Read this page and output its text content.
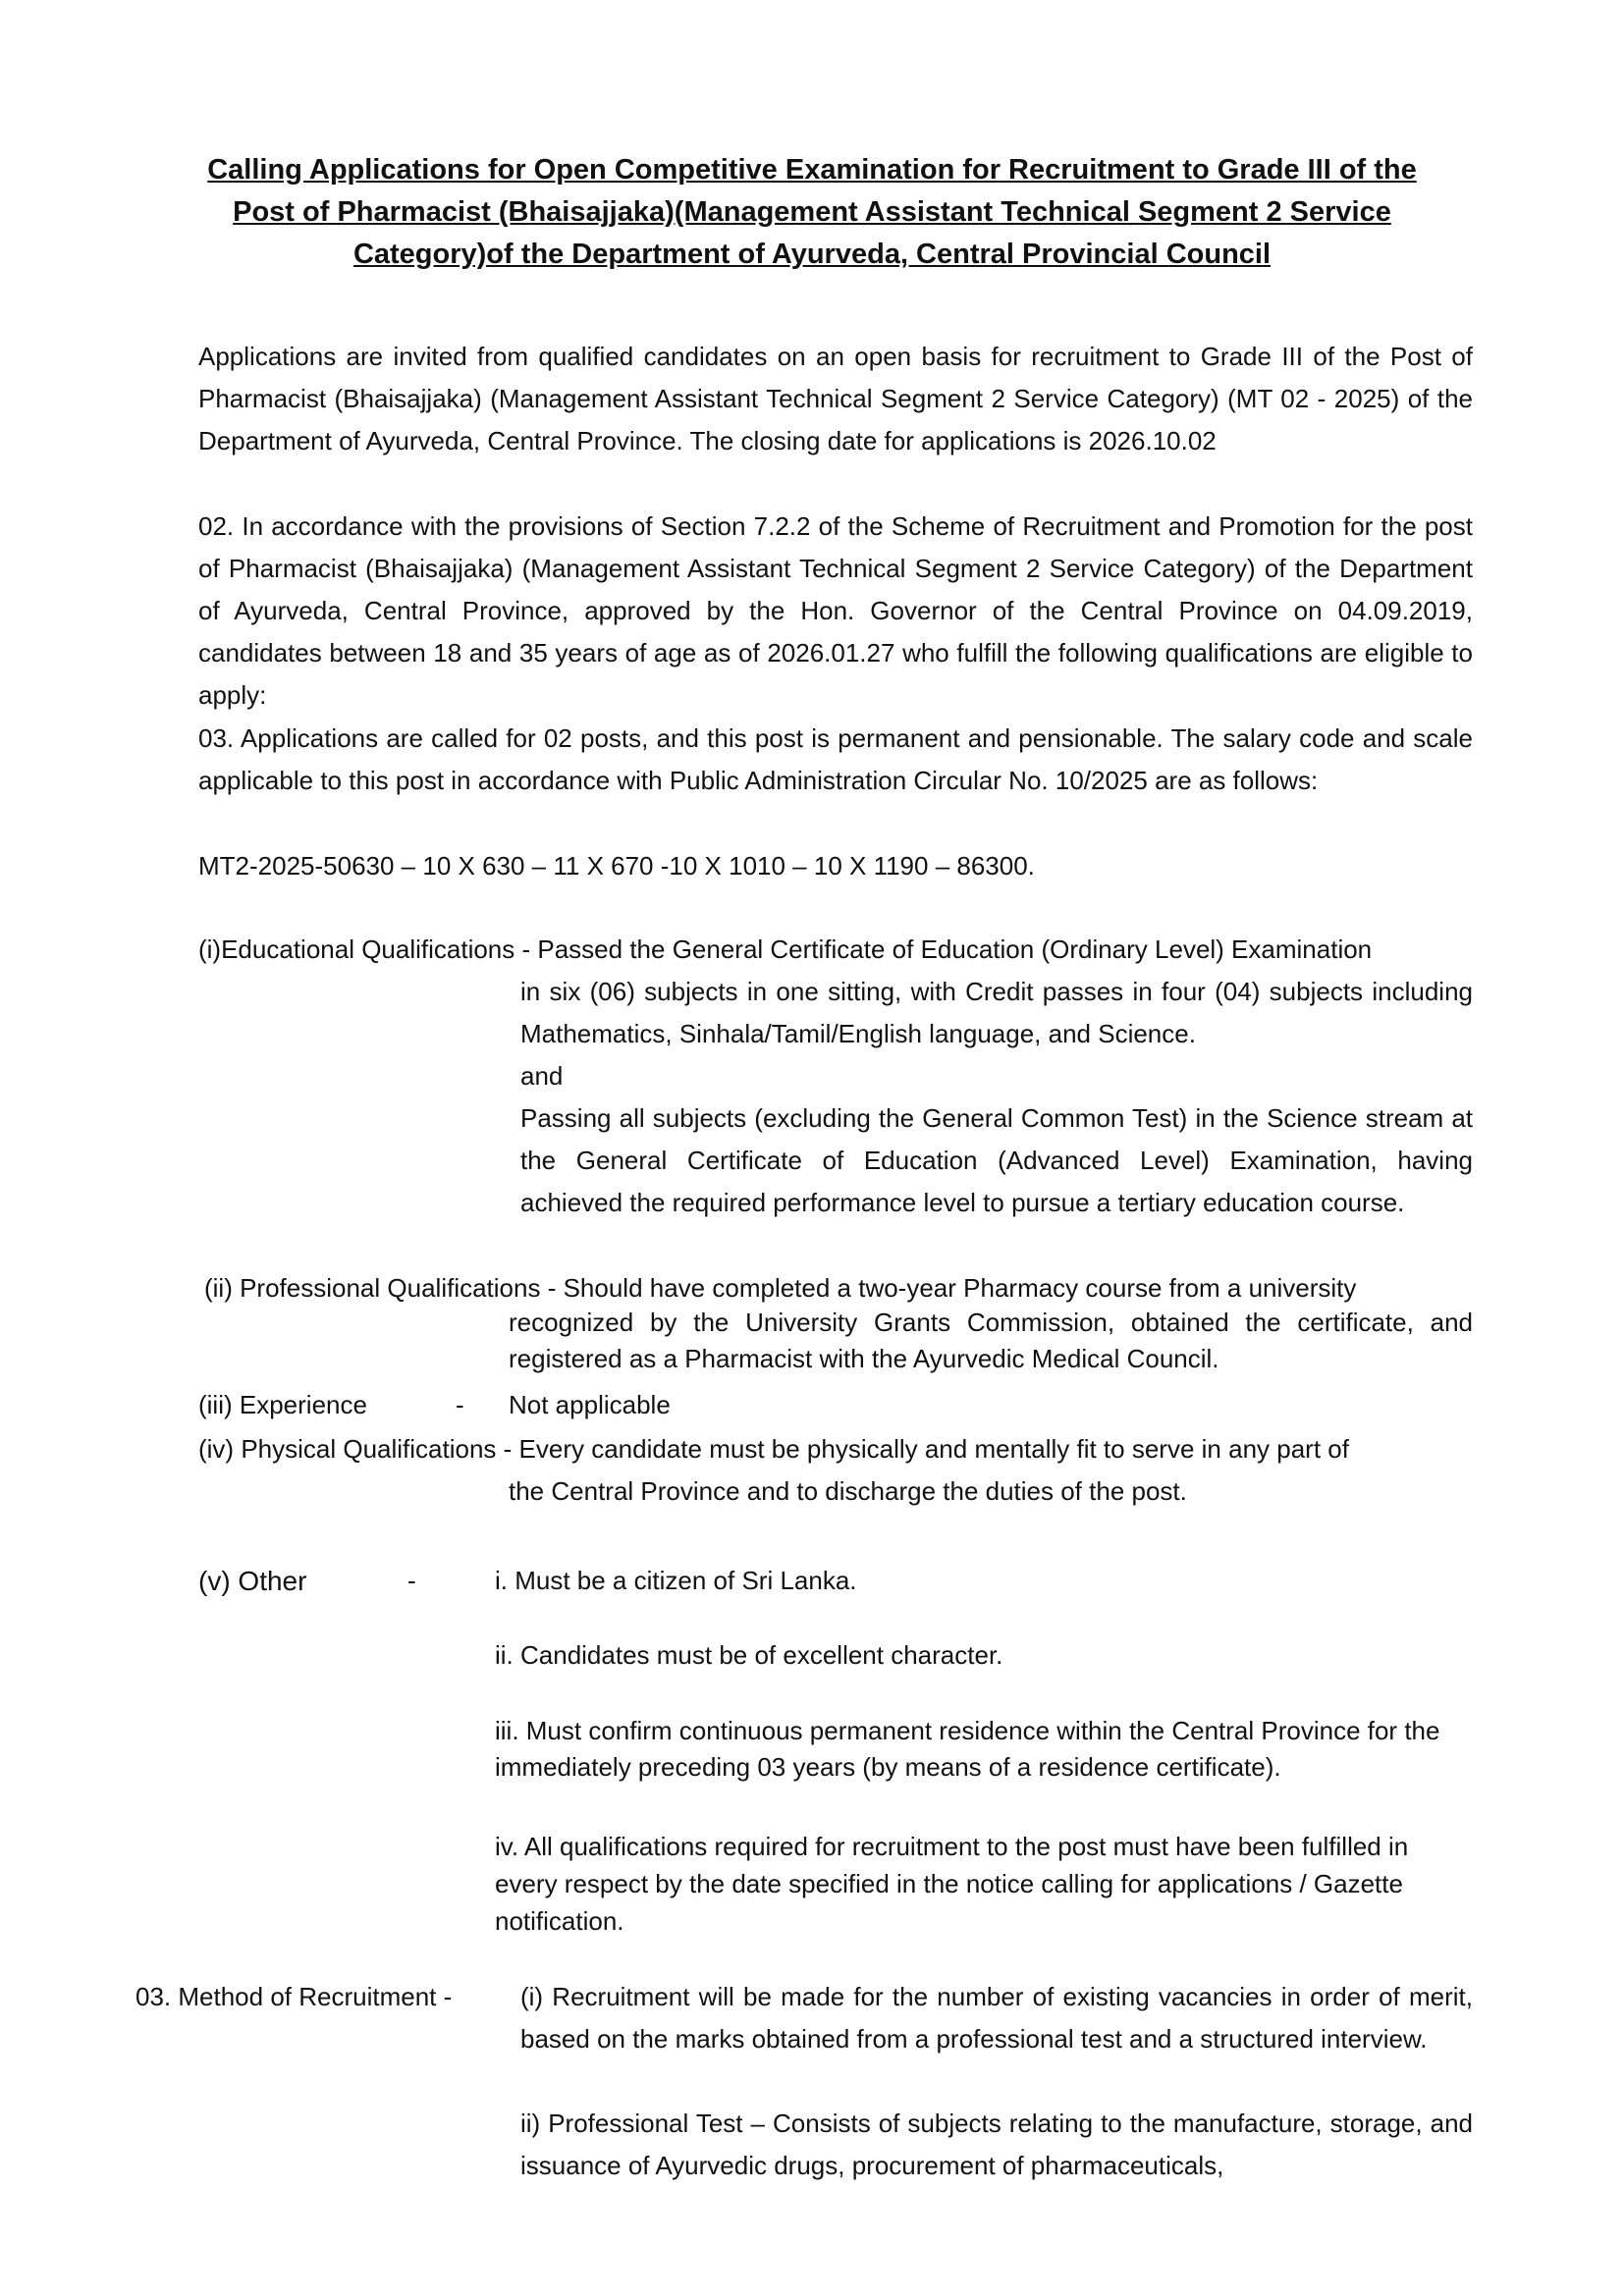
Calling Applications for Open Competitive Examination for Recruitment to Grade III of the
Post of Pharmacist (Bhaisajjaka)(Management Assistant Technical Segment 2 Service
Category)of the Department of Ayurveda, Central Provincial Council

Applications are invited from qualified candidates on an open basis for recruitment to Grade III of the Post of Pharmacist (Bhaisajjaka) (Management Assistant Technical Segment 2 Service Category) (MT 02 - 2025) of the Department of Ayurveda, Central Province. The closing date for applications is 2026.10.02

02. In accordance with the provisions of Section 7.2.2 of the Scheme of Recruitment and Promotion for the post of Pharmacist (Bhaisajjaka) (Management Assistant Technical Segment 2 Service Category) of the Department of Ayurveda, Central Province, approved by the Hon. Governor of the Central Province on 04.09.2019, candidates between 18 and 35 years of age as of 2026.01.27 who fulfill the following qualifications are eligible to apply:

03. Applications are called for 02 posts, and this post is permanent and pensionable. The salary code and scale applicable to this post in accordance with Public Administration Circular No. 10/2025 are as follows:

MT2-2025-50630 – 10 X 630 – 11 X 670 -10 X 1010 – 10 X 1190 – 86300.

(i)Educational Qualifications - Passed the General Certificate of Education (Ordinary Level) Examination

in six (06) subjects in one sitting, with Credit passes in four (04) subjects including Mathematics, Sinhala/Tamil/English language, and Science.

and

Passing all subjects (excluding the General Common Test) in the Science stream at the General Certificate of Education (Advanced Level) Examination, having achieved the required performance level to pursue a tertiary education course.

(ii) Professional Qualifications - Should have completed a two-year Pharmacy course from a university

recognized by the University Grants Commission, obtained the certificate, and registered as a Pharmacist with the Ayurvedic Medical Council.

(iii) Experience	- Not applicable

(iv) Physical Qualifications - Every candidate must be physically and mentally fit to serve in any part of

the Central Province and to discharge the duties of the post.

(v) Other	-	i. Must be a citizen of Sri Lanka.

ii. Candidates must be of excellent character.

iii. Must confirm continuous permanent residence within the Central Province for the immediately preceding 03 years (by means of a residence certificate).

iv. All qualifications required for recruitment to the post must have been fulfilled in every respect by the date specified in the notice calling for applications / Gazette notification.

03. Method of Recruitment -	(i) Recruitment will be made for the number of existing vacancies in order of merit, based on the marks obtained from a professional test and a structured interview.

ii) Professional Test – Consists of subjects relating to the manufacture, storage, and issuance of Ayurvedic drugs, procurement of pharmaceuticals,
